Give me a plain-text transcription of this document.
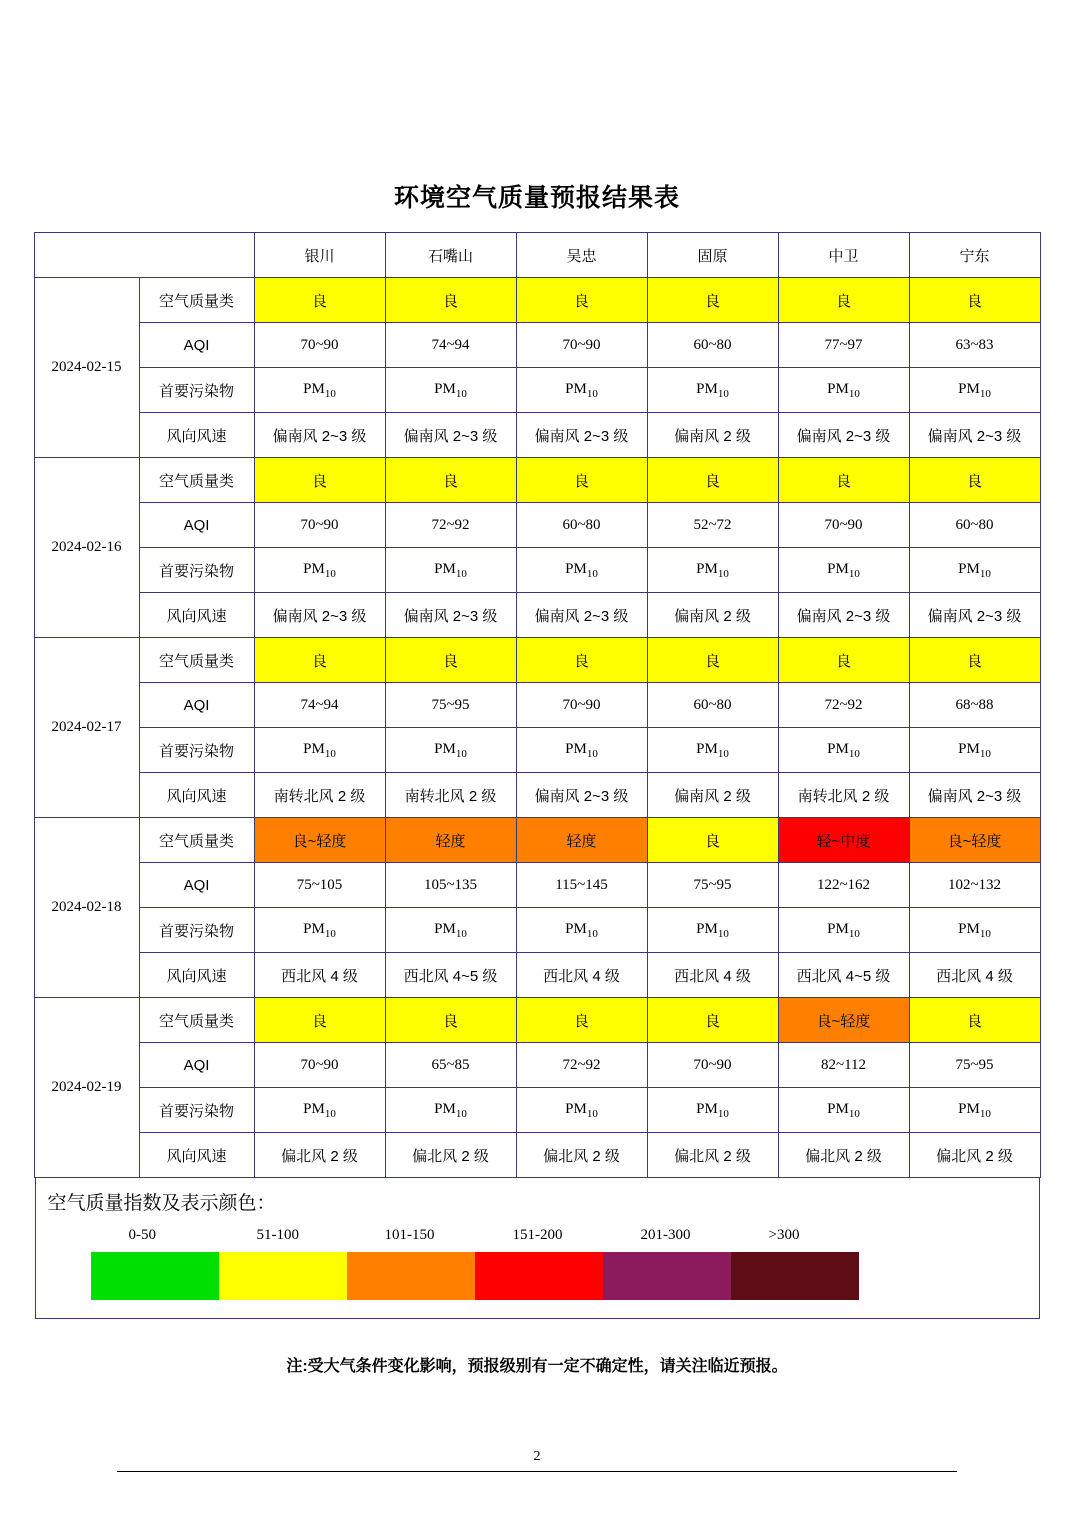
环境空气质量预报结果表
		银川	石嘴山	吴忠	固原	中卫	宁东
2024-02-15	空气质量类	良	良	良	良	良	良
	AQI	70~90	74~94	70~90	60~80	77~97	63~83
	首要污染物	$PM_{10}$	$PM_{10}$	$PM_{10}$	$PM_{10}$	$PM_{10}$	$PM_{10}$
	风向风速	偏南风 2~3 级	偏南风 2~3 级	偏南风 2~3 级	偏南风 2 级	偏南风 2~3 级	偏南风 2~3 级
2024-02-16	空气质量类	良	良	良	良	良	良
	AQI	70~90	72~92	60~80	52~72	70~90	60~80
	首要污染物	$PM_{10}$	$PM_{10}$	$PM_{10}$	$PM_{10}$	$PM_{10}$	$PM_{10}$
	风向风速	偏南风 2~3 级	偏南风 2~3 级	偏南风 2~3 级	偏南风 2 级	偏南风 2~3 级	偏南风 2~3 级
2024-02-17	空气质量类	良	良	良	良	良	良
	AQI	74~94	75~95	70~90	60~80	72~92	68~88
	首要污染物	$PM_{10}$	$PM_{10}$	$PM_{10}$	$PM_{10}$	$PM_{10}$	$PM_{10}$
	风向风速	南转北风 2 级	南转北风 2 级	偏南风 2~3 级	偏南风 2 级	南转北风 2 级	偏南风 2~3 级
2024-02-18	空气质量类	良~轻度	轻度	轻度	良	轻~中度	良~轻度
	AQI	75~105	105~135	115~145	75~95	122~162	102~132
	首要污染物	$PM_{10}$	$PM_{10}$	$PM_{10}$	$PM_{10}$	$PM_{10}$	$PM_{10}$
	风向风速	西北风 4 级	西北风 4~5 级	西北风 4 级	西北风 4 级	西北风 4~5 级	西北风 4 级
2024-02-19	空气质量类	良	良	良	良	良~轻度	良
	AQI	70~90	65~85	72~92	70~90	82~112	75~95
	首要污染物	$PM_{10}$	$PM_{10}$	$PM_{10}$	$PM_{10}$	$PM_{10}$	$PM_{10}$
	风向风速	偏北风 2 级	偏北风 2 级	偏北风 2 级	偏北风 2 级	偏北风 2 级	偏北风 2 级
空气质量指数及表示颜色：
0-50	51-100	101-150	151-200	201-300	>300
注:受大气条件变化影响，预报级别有一定不确定性，请关注临近预报。
2
